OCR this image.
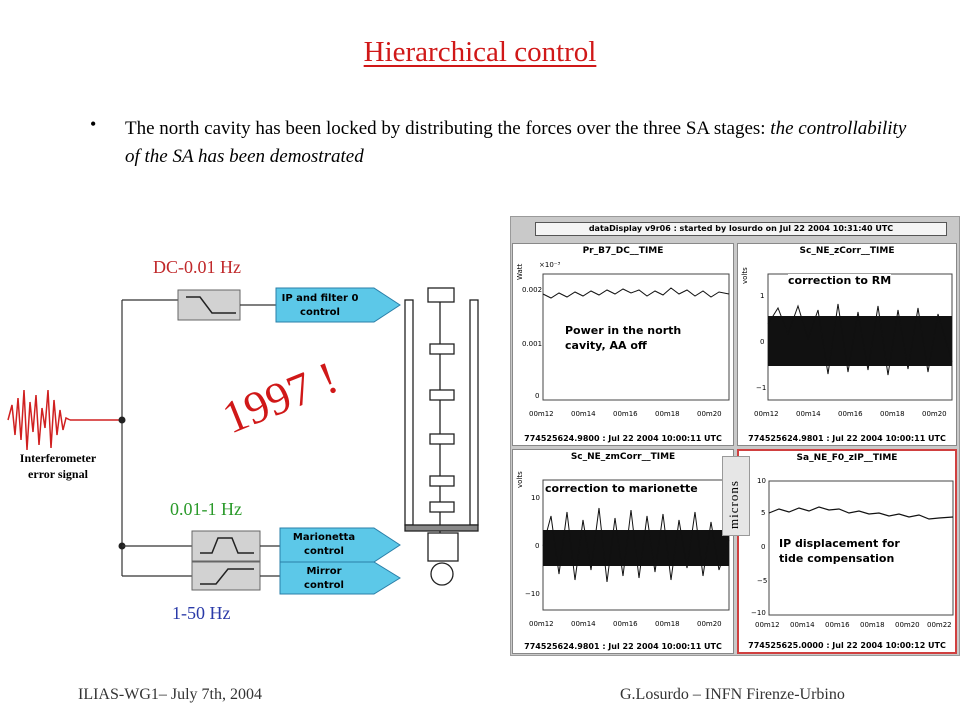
Hierarchical control
• The north cavity has been locked by distributing the forces over the three SA stages: the controllability of the SA has been demostrated
Interferometer
error signal
IP and filter 0
control
Marionetta
control
Mirror
control
DC-0.01 Hz
0.01-1 Hz
1-50 Hz
1997 !
dataDisplay v9r06 : started by losurdo on Jul 22 2004 10:31:40 UTC
Pr_B7_DC__TIME
Watt ×10⁻³
0.002
0.001
0
Power in the north
cavity, AA off
00m12 00m14 00m16 00m18 00m20
774525624.9800 : Jul 22 2004 10:00:11 UTC
Sc_NE_zCorr__TIME
volts
1
0
−1
correction to RM
00m12 00m14 00m16 00m18 00m20
774525624.9801 : Jul 22 2004 10:00:11 UTC
Sc_NE_zmCorr__TIME
volts
10
0
−10
correction to marionette
00m12 00m14 00m16 00m18 00m20
774525624.9801 : Jul 22 2004 10:00:11 UTC
Sa_NE_F0_zIP__TIME
10
5
0
−5
−10
IP displacement for
tide compensation
00m12 00m14 00m16 00m18 00m20 00m22
774525625.0000 : Jul 22 2004 10:00:12 UTC
microns
ILIAS-WG1– July 7th, 2004	G.Losurdo – INFN Firenze-Urbino
